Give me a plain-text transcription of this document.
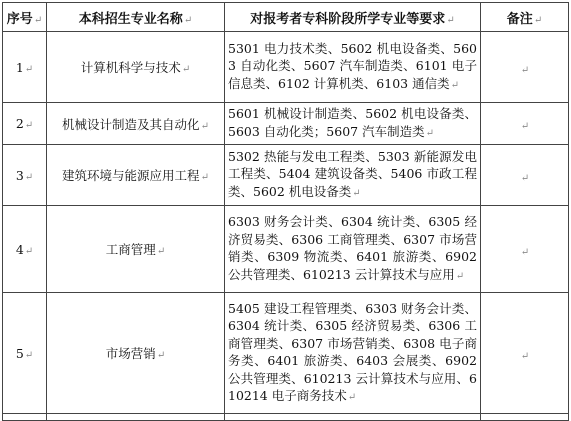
序号↵	本科招生专业名称↵	对报考者专科阶段所学专业等要求↵	备注↵
1↵	计算机科学与技术↵	5301 电力技术类、5602 机电设备类、5603 自动化类、5607 汽车制造类、6101 电子信息类、6102 计算机类、6103 通信类↵	↵
2↵	机械设计制造及其自动化↵	5601 机械设计制造类、5602 机电设备类、5603 自动化类；5607 汽车制造类↵	↵
3↵	建筑环境与能源应用工程↵	5302 热能与发电工程类、5303 新能源发电工程类、5404 建筑设备类、5406 市政工程类、5602 机电设备类↵	↵
4↵	工商管理↵	6303 财务会计类、6304 统计类、6305 经济贸易类、6306 工商管理类、6307 市场营销类、6309 物流类、6401 旅游类、6902 公共管理类、610213 云计算技术与应用↵	↵
5↵	市场营销↵	5405 建设工程管理类、6303 财务会计类、6304 统计类、6305 经济贸易类、6306 工商管理类、6307 市场营销类、6308 电子商务类、6401 旅游类、6403 会展类、6902 公共管理类、610213 云计算技术与应用、610214 电子商务技术↵	↵
